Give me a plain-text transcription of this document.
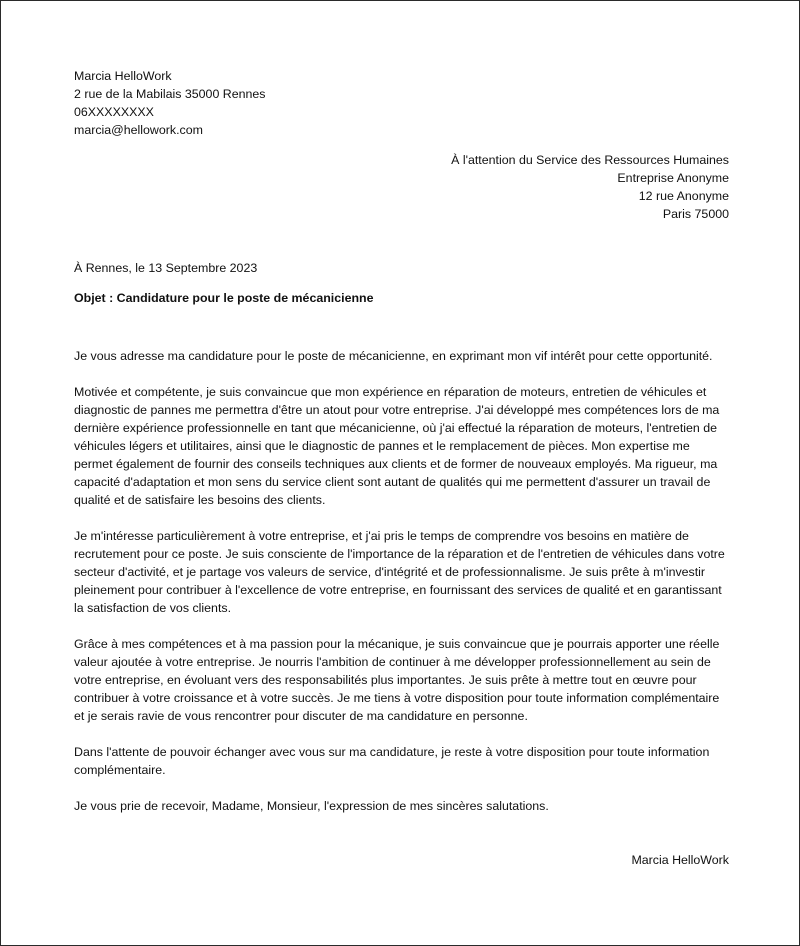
Marcia HelloWork

2 rue de la Mabilais 35000 Rennes

06XXXXXXXX

marcia@hellowork.com

À l'attention du Service des Ressources Humaines

Entreprise Anonyme

12 rue Anonyme

Paris 75000

À Rennes, le 13 Septembre 2023

Objet : Candidature pour le poste de mécanicienne

Je vous adresse ma candidature pour le poste de mécanicienne, en exprimant mon vif intérêt pour cette opportunité.

Motivée et compétente, je suis convaincue que mon expérience en réparation de moteurs, entretien de véhicules et diagnostic de pannes me permettra d'être un atout pour votre entreprise. J'ai développé mes compétences lors de ma dernière expérience professionnelle en tant que mécanicienne, où j'ai effectué la réparation de moteurs, l'entretien de véhicules légers et utilitaires, ainsi que le diagnostic de pannes et le remplacement de pièces. Mon expertise me permet également de fournir des conseils techniques aux clients et de former de nouveaux employés. Ma rigueur, ma capacité d'adaptation et mon sens du service client sont autant de qualités qui me permettent d'assurer un travail de qualité et de satisfaire les besoins des clients.

Je m'intéresse particulièrement à votre entreprise, et j'ai pris le temps de comprendre vos besoins en matière de recrutement pour ce poste. Je suis consciente de l'importance de la réparation et de l'entretien de véhicules dans votre secteur d'activité, et je partage vos valeurs de service, d'intégrité et de professionnalisme. Je suis prête à m'investir pleinement pour contribuer à l'excellence de votre entreprise, en fournissant des services de qualité et en garantissant la satisfaction de vos clients.

Grâce à mes compétences et à ma passion pour la mécanique, je suis convaincue que je pourrais apporter une réelle valeur ajoutée à votre entreprise. Je nourris l'ambition de continuer à me développer professionnellement au sein de votre entreprise, en évoluant vers des responsabilités plus importantes. Je suis prête à mettre tout en œuvre pour contribuer à votre croissance et à votre succès. Je me tiens à votre disposition pour toute information complémentaire et je serais ravie de vous rencontrer pour discuter de ma candidature en personne.

Dans l'attente de pouvoir échanger avec vous sur ma candidature, je reste à votre disposition pour toute information complémentaire.

Je vous prie de recevoir, Madame, Monsieur, l'expression de mes sincères salutations.

Marcia HelloWork
